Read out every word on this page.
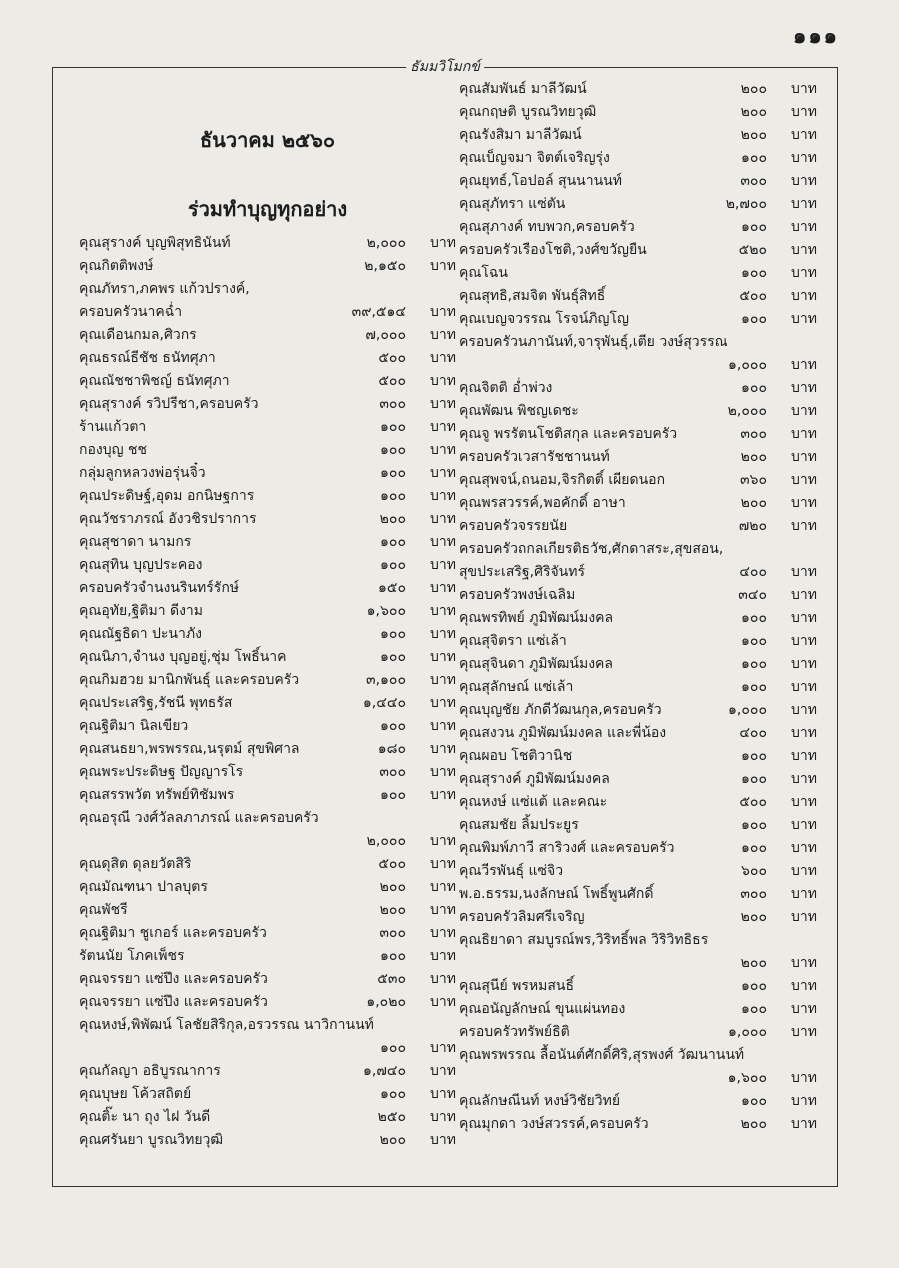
๑๑๑
ธัมมวิโมกข์
ธันวาคม ๒๕๖๐
ร่วมทำบุญทุกอย่าง
คุณสุรางค์ บุญพิสุทธินันท์	๒,๐๐๐ บาท
คุณกิตติพงษ์	๒,๑๕๐ บาท
คุณภัทรา,ภคพร แก้วปรางค์,
ครอบครัวนาคฉ่ำ	๓๙,๕๑๔ บาท
คุณเดือนกมล,ศิวกร	๗,๐๐๐ บาท
คุณธรณ์ธีชัช ธนัทศุภา	๕๐๐ บาท
คุณณัชชาพิชญ์ ธนัทศุภา	๕๐๐ บาท
คุณสุรางค์ รวิปรีชา,ครอบครัว	๓๐๐ บาท
ร้านแก้วตา	๑๐๐ บาท
กองบุญ ชช	๑๐๐ บาท
กลุ่มลูกหลวงพ่อรุ่นจิ๋ว	๑๐๐ บาท
คุณประดิษฐ์,อุดม อกนิษฐการ	๑๐๐ บาท
คุณวัชราภรณ์ อังวชิรปราการ	๒๐๐ บาท
คุณสุชาดา นามกร	๑๐๐ บาท
คุณสุทิน บุญประคอง	๑๐๐ บาท
ครอบครัวจำนงนรินทร์รักษ์	๑๕๐ บาท
คุณอุทัย,ฐิติมา ดีงาม	๑,๖๐๐ บาท
คุณณัฐธิดา ปะนาภัง	๑๐๐ บาท
คุณนิภา,จำนง บุญอยู่,ชุ่ม โพธิ์นาค	๑๐๐ บาท
คุณกิมฮวย มานิกพันธุ์ และครอบครัว	๓,๑๐๐ บาท
คุณประเสริฐ,รัชนี พุทธรัส	๑,๔๔๐ บาท
คุณฐิติมา นิลเขียว	๑๐๐ บาท
คุณสนธยา,พรพรรณ,นรุตม์ สุขพิศาล	๑๘๐ บาท
คุณพระประดิษฐ ปัญญารโร	๓๐๐ บาท
คุณสรรพวัต ทรัพย์ทิชัมพร	๑๐๐ บาท
คุณอรุณี วงศ์วัลลภาภรณ์ และครอบครัว
๒,๐๐๐ บาท
คุณดุสิต ดุลยวัตสิริ	๕๐๐ บาท
คุณมัณฑนา ปาลบุตร	๒๐๐ บาท
คุณพัชรี	๒๐๐ บาท
คุณฐิติมา ชูเกอร์ และครอบครัว	๓๐๐ บาท
รัตนนัย โภคเพ็ชร	๑๐๐ บาท
คุณจรรยา แซ่ปึง และครอบครัว	๕๓๐ บาท
คุณจรรยา แซ่ปึง และครอบครัว	๑,๐๒๐ บาท
คุณหงษ์,พิพัฒน์ โลชัยสิริกุล,อรวรรณ นาวิกานนท์
๑๐๐ บาท
คุณกัลญา อธิบูรณาการ	๑,๗๔๐ บาท
คุณบุษย โค้วสถิตย์	๑๐๐ บาท
คุณติ๊ะ นา ถุง ไฝ วันดี	๒๕๐ บาท
คุณศรันยา บูรณวิทยวุฒิ	๒๐๐ บาท
คุณสัมพันธ์ มาลีวัฒน์	๒๐๐ บาท
คุณกฤษติ บูรณวิทยวุฒิ	๒๐๐ บาท
คุณรังสิมา มาลีวัฒน์	๒๐๐ บาท
คุณเบ็ญจมา จิตต์เจริญรุ่ง	๑๐๐ บาท
คุณยุทธ์,โอปอล์ สุนนานนท์	๓๐๐ บาท
คุณสุภัทรา แซ่ตัน	๒,๗๐๐ บาท
คุณสุภางค์ ทบพวก,ครอบครัว	๑๐๐ บาท
ครอบครัวเรืองโชติ,วงศ์ขวัญยืน	๕๒๐ บาท
คุณโฉน	๑๐๐ บาท
คุณสุทธิ,สมจิต พันธุ์สิทธิ์	๕๐๐ บาท
คุณเบญจวรรณ โรจน์ภิญโญ	๑๐๐ บาท
ครอบครัวนภานันท์,จารุพันธุ์,เตีย วงษ์สุวรรณ
๑,๐๐๐ บาท
คุณจิตติ อ่ำพ่วง	๑๐๐ บาท
คุณพัฒน พิชญเดชะ	๒,๐๐๐ บาท
คุณจู พรรัตนโชติสกุล และครอบครัว	๓๐๐ บาท
ครอบครัวเวสารัชชานนท์	๒๐๐ บาท
คุณสุพจน์,ถนอม,จิรกิตติ์ เผียดนอก	๓๖๐ บาท
คุณพรสวรรค์,พอคักดิ์ อาษา	๒๐๐ บาท
ครอบครัวจรรยนัย	๗๒๐ บาท
ครอบครัวถกลเกียรติธวัช,ศักดาสระ,สุขสอน,
สุขประเสริฐ,ศิริจันทร์	๔๐๐ บาท
ครอบครัวพงษ์เฉลิม	๓๔๐ บาท
คุณพรทิพย์ ภูมิพัฒน์มงคล	๑๐๐ บาท
คุณสุจิตรา แซ่เล้า	๑๐๐ บาท
คุณสุจินดา ภูมิพัฒน์มงคล	๑๐๐ บาท
คุณสุลักษณ์ แซ่เล้า	๑๐๐ บาท
คุณบุญชัย ภักดีวัฒนกุล,ครอบครัว	๑,๐๐๐ บาท
คุณสงวน ภูมิพัฒน์มงคล และพี่น้อง	๔๐๐ บาท
คุณผอบ โชติวานิช	๑๐๐ บาท
คุณสุรางค์ ภูมิพัฒน์มงคล	๑๐๐ บาท
คุณหงษ์ แซ่แต้ และคณะ	๕๐๐ บาท
คุณสมชัย ลิ้มประยูร	๑๐๐ บาท
คุณพิมพ์ภาวี สาริวงศ์ และครอบครัว	๑๐๐ บาท
คุณวีรพันธุ์ แซ่จิว	๖๐๐ บาท
พ.อ.ธรรม,นงลักษณ์ โพธิ์พูนศักดิ์	๓๐๐ บาท
ครอบครัวลิมศรีเจริญ	๒๐๐ บาท
คุณธิยาดา สมบูรณ์พร,วิริทธิ์พล วิริวิทธิธร
๒๐๐ บาท
คุณสุนีย์ พรหมสนธิ์	๑๐๐ บาท
คุณอนัญลักษณ์ ขุนแผ่นทอง	๑๐๐ บาท
ครอบครัวทรัพย์ธิติ	๑,๐๐๐ บาท
คุณพรพรรณ ลื้อนันต์ศักดิ์ศิริ,สุรพงศ์ วัฒนานนท์
๑,๖๐๐ บาท
คุณลักษณีนท์ หงษ์วิชัยวิทย์	๑๐๐ บาท
คุณมุกดา วงษ์สวรรค์,ครอบครัว	๒๐๐ บาท
